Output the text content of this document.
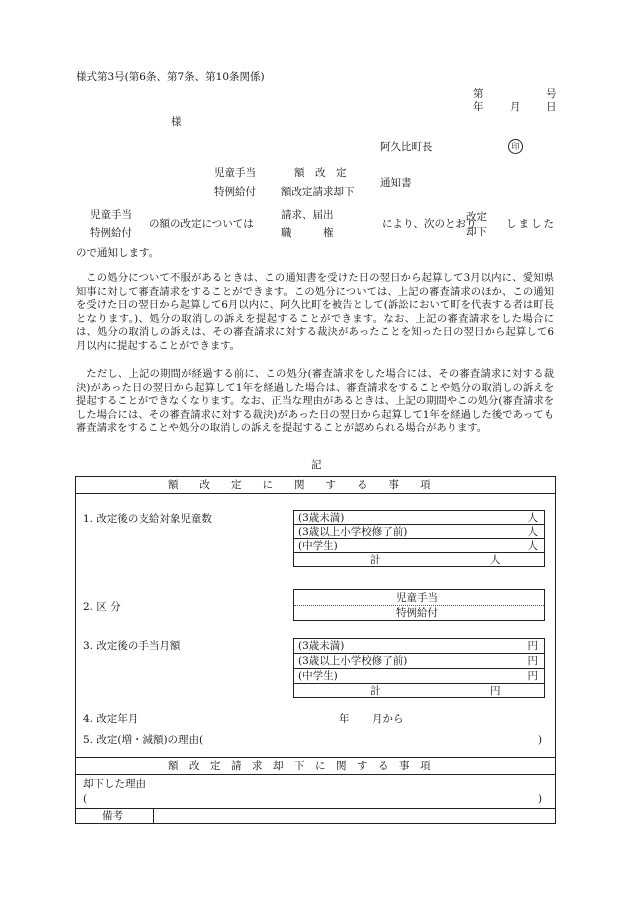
様式第3号(第6条、第7条、第10条関係)
第	号
年	月 日
様
阿久比町長	印
児童手当
特例給付
額　改　定
額改定請求却下
通知書
児童手当
特例給付
の額の改定については
請求、届出
職　　　権
により、次のとおり
改定
却下
しました
ので通知します。

この処分について不服があるときは、この通知書を受けた日の翌日から起算して3月以内に、愛知県知事に対して審査請求をすることができます。この処分については、上記の審査請求のほか、この通知を受けた日の翌日から起算して6月以内に、阿久比町を被告として(訴訟において町を代表する者は町長となります。)、処分の取消しの訴えを提起することができます。なお、上記の審査請求をした場合には、処分の取消しの訴えは、その審査請求に対する裁決があったことを知った日の翌日から起算して6月以内に提起することができます。

ただし、上記の期間が経過する前に、この処分(審査請求をした場合には、その審査請求に対する裁決)があった日の翌日から起算して1年を経過した場合は、審査請求をすることや処分の取消しの訴えを提起することができなくなります。なお、正当な理由があるときは、上記の期間やこの処分(審査請求をした場合には、その審査請求に対する裁決)があった日の翌日から起算して1年を経過した後であっても審査請求をすることや処分の取消しの訴えを提起することが認められる場合があります。

記
額　　改　　定　　に　　関　　す　　る　　事　　項
1. 改定後の支給対象児童数	(3歳未満)	人
(3歳以上小学校修了前)	人
(中学生)	人
計	人
2. 区 分
児童手当
特例給付
3. 改定後の手当月額	(3歳未満)	円
(3歳以上小学校修了前)	円
(中学生)	円
計	円
4. 改定年月	年 月から
5. 改定(増・減額)の理由(	)
額　改　定　請　求　却　下　に　関　す　る　事　項
却下した理由
(	)
備考
